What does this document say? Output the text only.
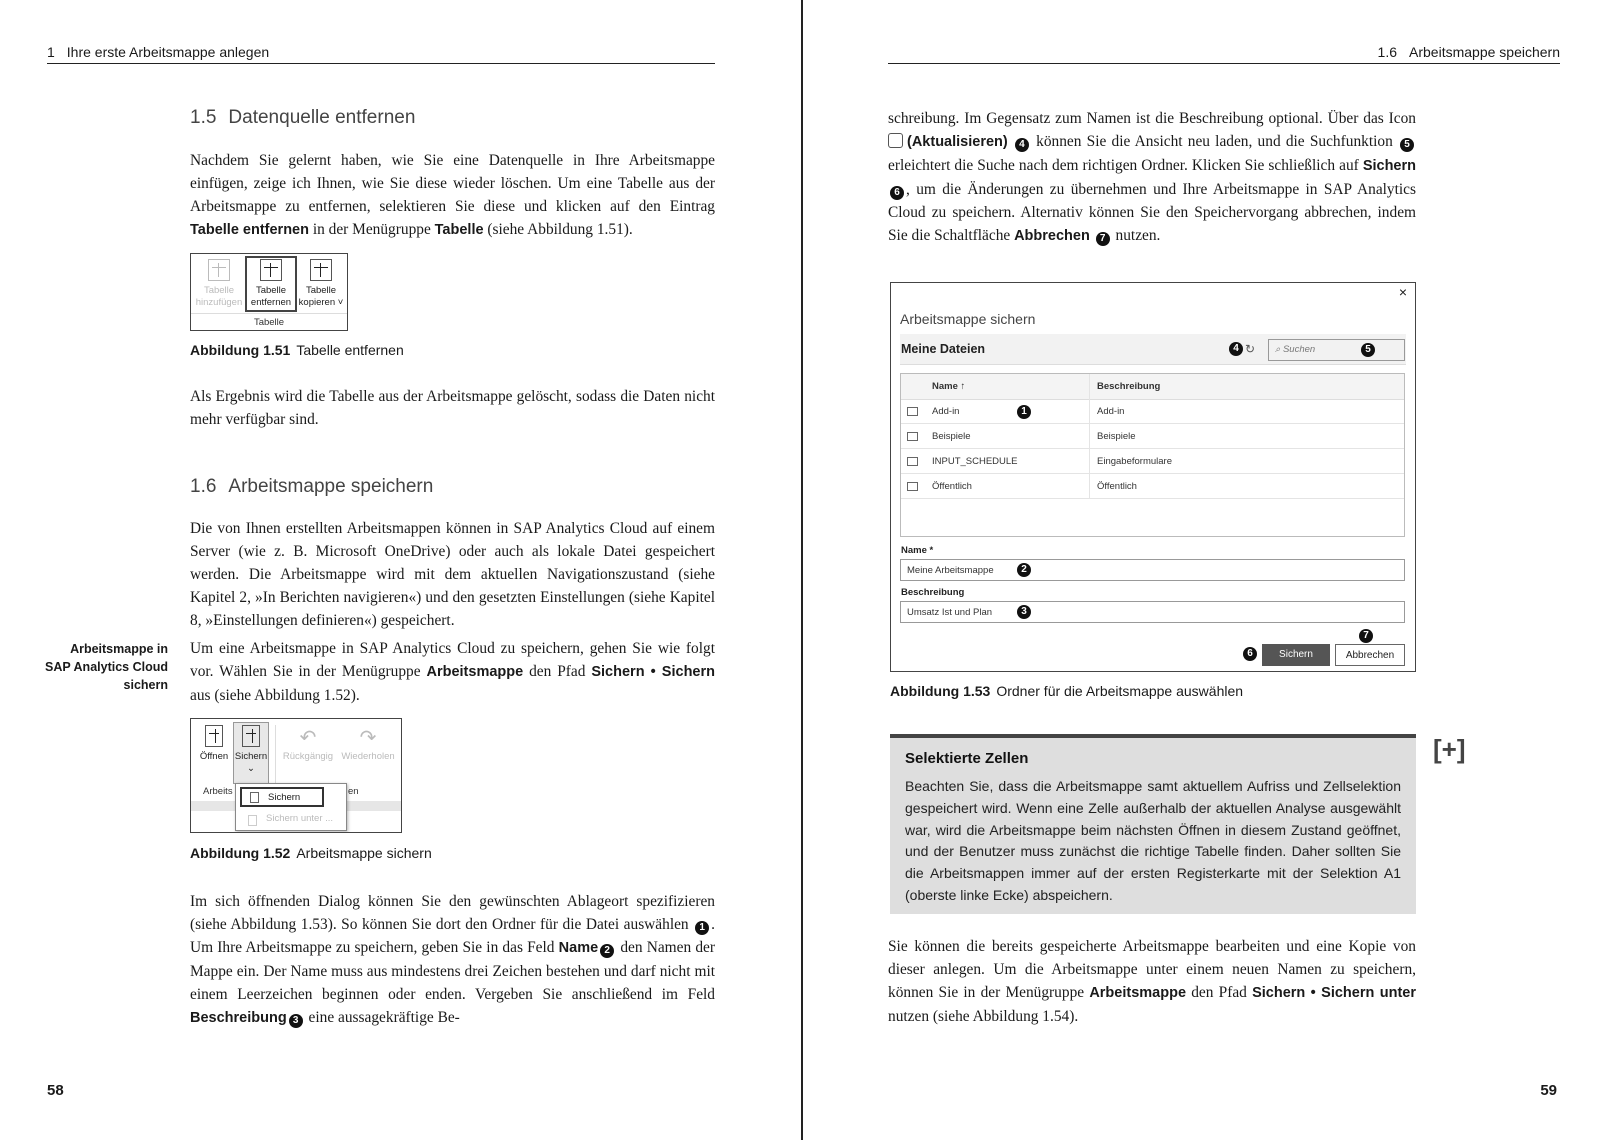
1 Ihre erste Arbeitsmappe anlegen
1.5 Datenquelle entfernen
Nachdem Sie gelernt haben, wie Sie eine Datenquelle in Ihre Arbeitsmappe einfügen, zeige ich Ihnen, wie Sie diese wieder löschen. Um eine Tabelle aus der Arbeitsmappe zu entfernen, selektieren Sie diese und klicken auf den Eintrag Tabelle entfernen in der Menügruppe Tabelle (siehe Abbildung 1.51).
Tabelle
hinzufügen
Tabelle
entfernen
Tabelle
kopieren ˅
Tabelle
Abbildung 1.51 Tabelle entfernen
Als Ergebnis wird die Tabelle aus der Arbeitsmappe gelöscht, sodass die Daten nicht mehr verfügbar sind.
1.6 Arbeitsmappe speichern
Die von Ihnen erstellten Arbeitsmappen können in SAP Analytics Cloud auf einem Server (wie z. B. Microsoft OneDrive) oder auch als lokale Datei gespeichert werden. Die Arbeitsmappe wird mit dem aktuellen Navigationszustand (siehe Kapitel 2, »In Berichten navigieren«) und den gesetzten Einstellungen (siehe Kapitel 8, »Einstellungen definieren«) gespeichert.
Arbeitsmappe in
SAP Analytics Cloud
sichern
Um eine Arbeitsmappe in SAP Analytics Cloud zu speichern, gehen Sie wie folgt vor. Wählen Sie in der Menügruppe Arbeitsmappe den Pfad Sichern • Sichern aus (siehe Abbildung 1.52).
Öffnen Sichern
⌄
↶
Rückgängig
↷
Wiederholen
Arbeits	en
Sichern
Sichern unter ...
Abbildung 1.52 Arbeitsmappe sichern
Im sich öffnenden Dialog können Sie den gewünschten Ablageort spezifizieren (siehe Abbildung 1.53). So können Sie dort den Ordner für die Datei auswählen 1 . Um Ihre Arbeitsmappe zu speichern, geben Sie in das Feld Name 2 den Namen der Mappe ein. Der Name muss aus mindestens drei Zeichen bestehen und darf nicht mit einem Leerzeichen beginnen oder enden. Vergeben Sie anschließend im Feld Beschreibung 3 eine aussagekräftige Be-
58
1.6 Arbeitsmappe speichern
schreibung. Im Gegensatz zum Namen ist die Beschreibung optional. Über das Icon (Aktualisieren) 4 können Sie die Ansicht neu laden, und die Suchfunktion 5 erleichtert die Suche nach dem richtigen Ordner. Klicken Sie schließlich auf Sichern 6 , um die Änderungen zu übernehmen und Ihre Arbeitsmappe in SAP Analytics Cloud zu speichern. Alternativ können Sie den Speichervorgang abbrechen, indem Sie die Schaltfläche Abbrechen 7 nutzen.
×
Arbeitsmappe sichern
Meine Dateien	4 ↻	⌕ Suchen	5
Name ↑	Beschreibung
Add-in	1	Add-in
Beispiele	Beispiele
INPUT_SCHEDULE	Eingabeformulare
Öffentlich	Öffentlich
Name *
Meine Arbeitsmappe	2
Beschreibung
Umsatz Ist und Plan	3
7
6	Sichern	Abbrechen
Abbildung 1.53 Ordner für die Arbeitsmappe auswählen
Selektierte Zellen
Beachten Sie, dass die Arbeitsmappe samt aktuellem Aufriss und Zellselektion gespeichert wird. Wenn eine Zelle außerhalb der aktuellen Analyse ausgewählt war, wird die Arbeitsmappe beim nächsten Öffnen in diesem Zustand geöffnet, und der Benutzer muss zunächst die richtige Tabelle finden. Daher sollten Sie die Arbeitsmappen immer auf der ersten Registerkarte mit der Selektion A1 (oberste linke Ecke) abspeichern.
[+]
Sie können die bereits gespeicherte Arbeitsmappe bearbeiten und eine Kopie von dieser anlegen. Um die Arbeitsmappe unter einem neuen Namen zu speichern, können Sie in der Menügruppe Arbeitsmappe den Pfad Sichern • Sichern unter nutzen (siehe Abbildung 1.54).
59
